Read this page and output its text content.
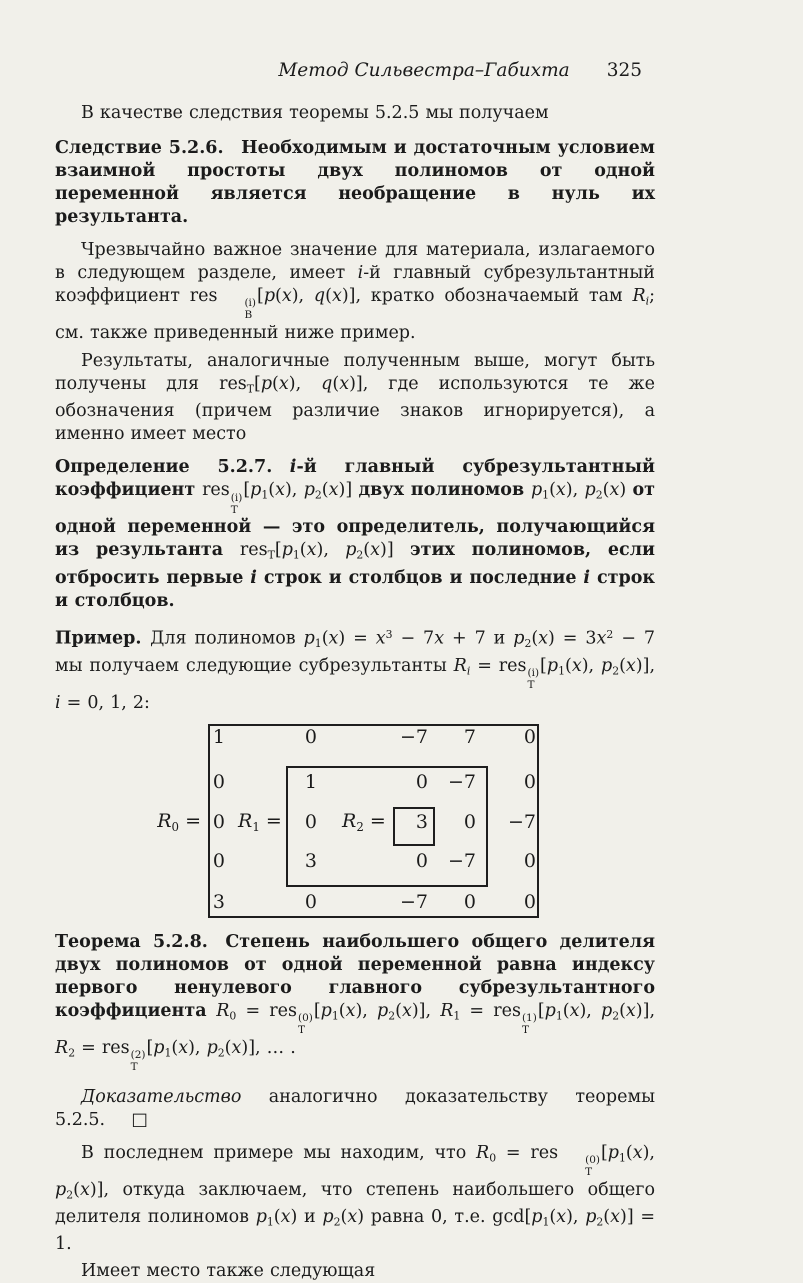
Метод Сильвестра–Габихта 325

В качестве следствия теоремы 5.2.5 мы получаем

Следствие 5.2.6. Необходимым и достаточным условием взаимной простоты двух полиномов от одной переменной является необращение в нуль их результанта.

Чрезвычайно важное значение для материала, излагаемого в следующем разделе, имеет i-й главный субрезультантный коэффициент res	(i)
B
[p(x), q(x)], кратко обозначаемый там Ri; см. также приведенный ниже пример.

Результаты, аналогичные полученным выше, могут быть получены для resT[p(x), q(x)], где используются те же обозначения (причем различие знаков игнорируется), а именно имеет место

Определение 5.2.7. i-й главный субрезультантный коэффициент res (i)
T
[p1(x), p2(x)] двух полиномов p1(x), p2(x) от одной переменной — это определитель, получающийся из результанта resT[p1(x), p2(x)] этих полиномов, если отбросить первые i строк и столбцов и последние i строк и столбцов.

Пример. Для полиномов $p1(x) = x^3 - 7x + 7$ и $p2(x) = 3x^2 - 7$ мы получаем следующие субрезультанты Ri = res (i)
T
[p1(x), p2(x)], i = 0, 1, 2:

R0 = R1 =	R2 =
1	0	−7	7	0
0	1	0	−7	0
0	0	3	0	−7
0	3	0	−7	0
3	0	−7	0	0

Теорема 5.2.8. Степень наибольшего общего делителя двух полиномов от одной переменной равна индексу первого ненулевого главного субрезультантного коэффициента R0 = res (0)
T
[p1(x), p2(x)], R1 = res (1)
T
[p1(x), p2(x)], R2 = res (2)
T
[p1(x), p2(x)], … .

Доказательство аналогично доказательству теоремы 5.2.5.  □

В последнем примере мы находим, что R0 = res	(0)
T
[p1(x), p2(x)], откуда заключаем, что степень наибольшего общего делителя полиномов p1(x) и p2(x) равна 0, т.е. gcd[p1(x), p2(x)] = 1.

Имеет место также следующая
